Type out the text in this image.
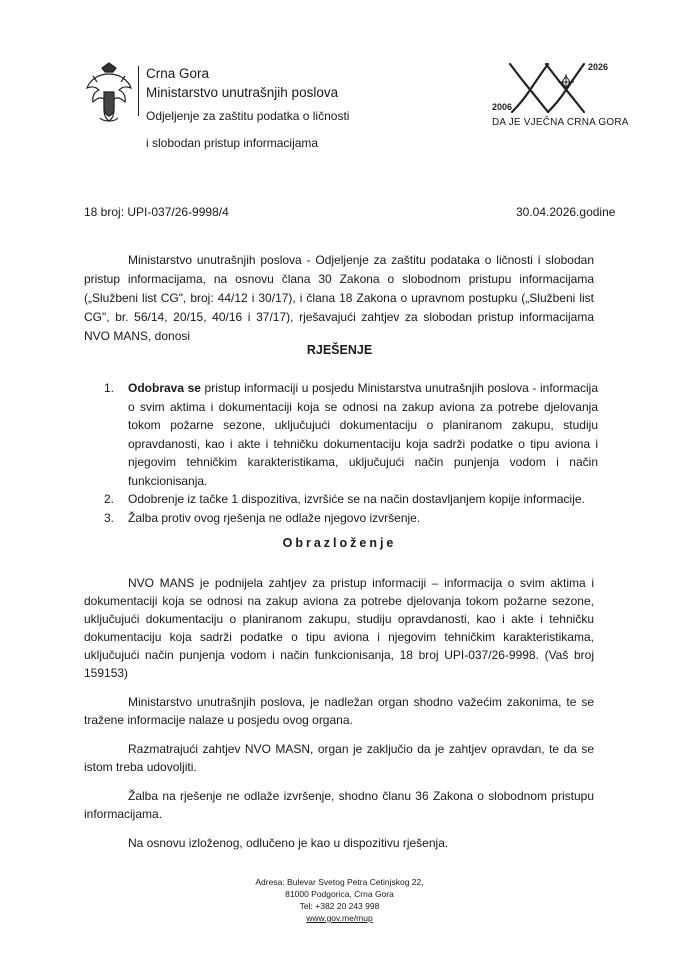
Crna Gora
Ministarstvo unutrašnjih poslova
Odjeljenje za zaštitu podatka o ličnosti
i slobodan pristup informacijama
2026
2006
DA JE VJEČNA CRNA GORA
18 broj: UPI-037/26-9998/4	30.04.2026.godine
Ministarstvo unutrašnjih poslova - Odjeljenje za zaštitu podataka o ličnosti i slobodan pristup informacijama, na osnovu člana 30 Zakona o slobodnom pristupu informacijama („Službeni list CG", broj: 44/12 i 30/17), i člana 18 Zakona o upravnom postupku („Službeni list CG", br. 56/14, 20/15, 40/16 i 37/17), rješavajući zahtjev za slobodan pristup informacijama NVO MANS, donosi
RJEŠENJE
1. Odobrava se pristup informaciji u posjedu Ministarstva unutrašnjih poslova - informacija o svim aktima i dokumentaciji koja se odnosi na zakup aviona za potrebe djelovanja tokom požarne sezone, uključujući dokumentaciju o planiranom zakupu, studiju opravdanosti, kao i akte i tehničku dokumentaciju koja sadrži podatke o tipu aviona i njegovim tehničkim karakteristikama, uključujući način punjenja vodom i način funkcionisanja.
2. Odobrenje iz tačke 1 dispozitiva, izvršiće se na način dostavljanjem kopije informacije.
3. Žalba protiv ovog rješenja ne odlaže njegovo izvršenje.
Obrazloženje

NVO MANS je podnijela zahtjev za pristup informaciji – informacija o svim aktima i dokumentaciji koja se odnosi na zakup aviona za potrebe djelovanja tokom požarne sezone, uključujući dokumentaciju o planiranom zakupu, studiju opravdanosti, kao i akte i tehničku dokumentaciju koja sadrži podatke o tipu aviona i njegovim tehničkim karakteristikama, uključujući način punjenja vodom i način funkcionisanja, 18 broj UPI-037/26-9998. (Vaš broj 159153)

Ministarstvo unutrašnjih poslova, je nadležan organ shodno važećim zakonima, te se tražene informacije nalaze u posjedu ovog organa.

Razmatrajući zahtjev NVO MASN, organ je zaključio da je zahtjev opravdan, te da se istom treba udovoljiti.

Žalba na rješenje ne odlaže izvršenje, shodno članu 36 Zakona o slobodnom pristupu informacijama.

Na osnovu izloženog, odlučeno je kao u dispozitivu rješenja.

Adresa: Bulevar Svetog Petra Cetinjskog 22,
81000 Podgorica, Crna Gora
Tel: +382 20 243 998
www.gov.me/mup
